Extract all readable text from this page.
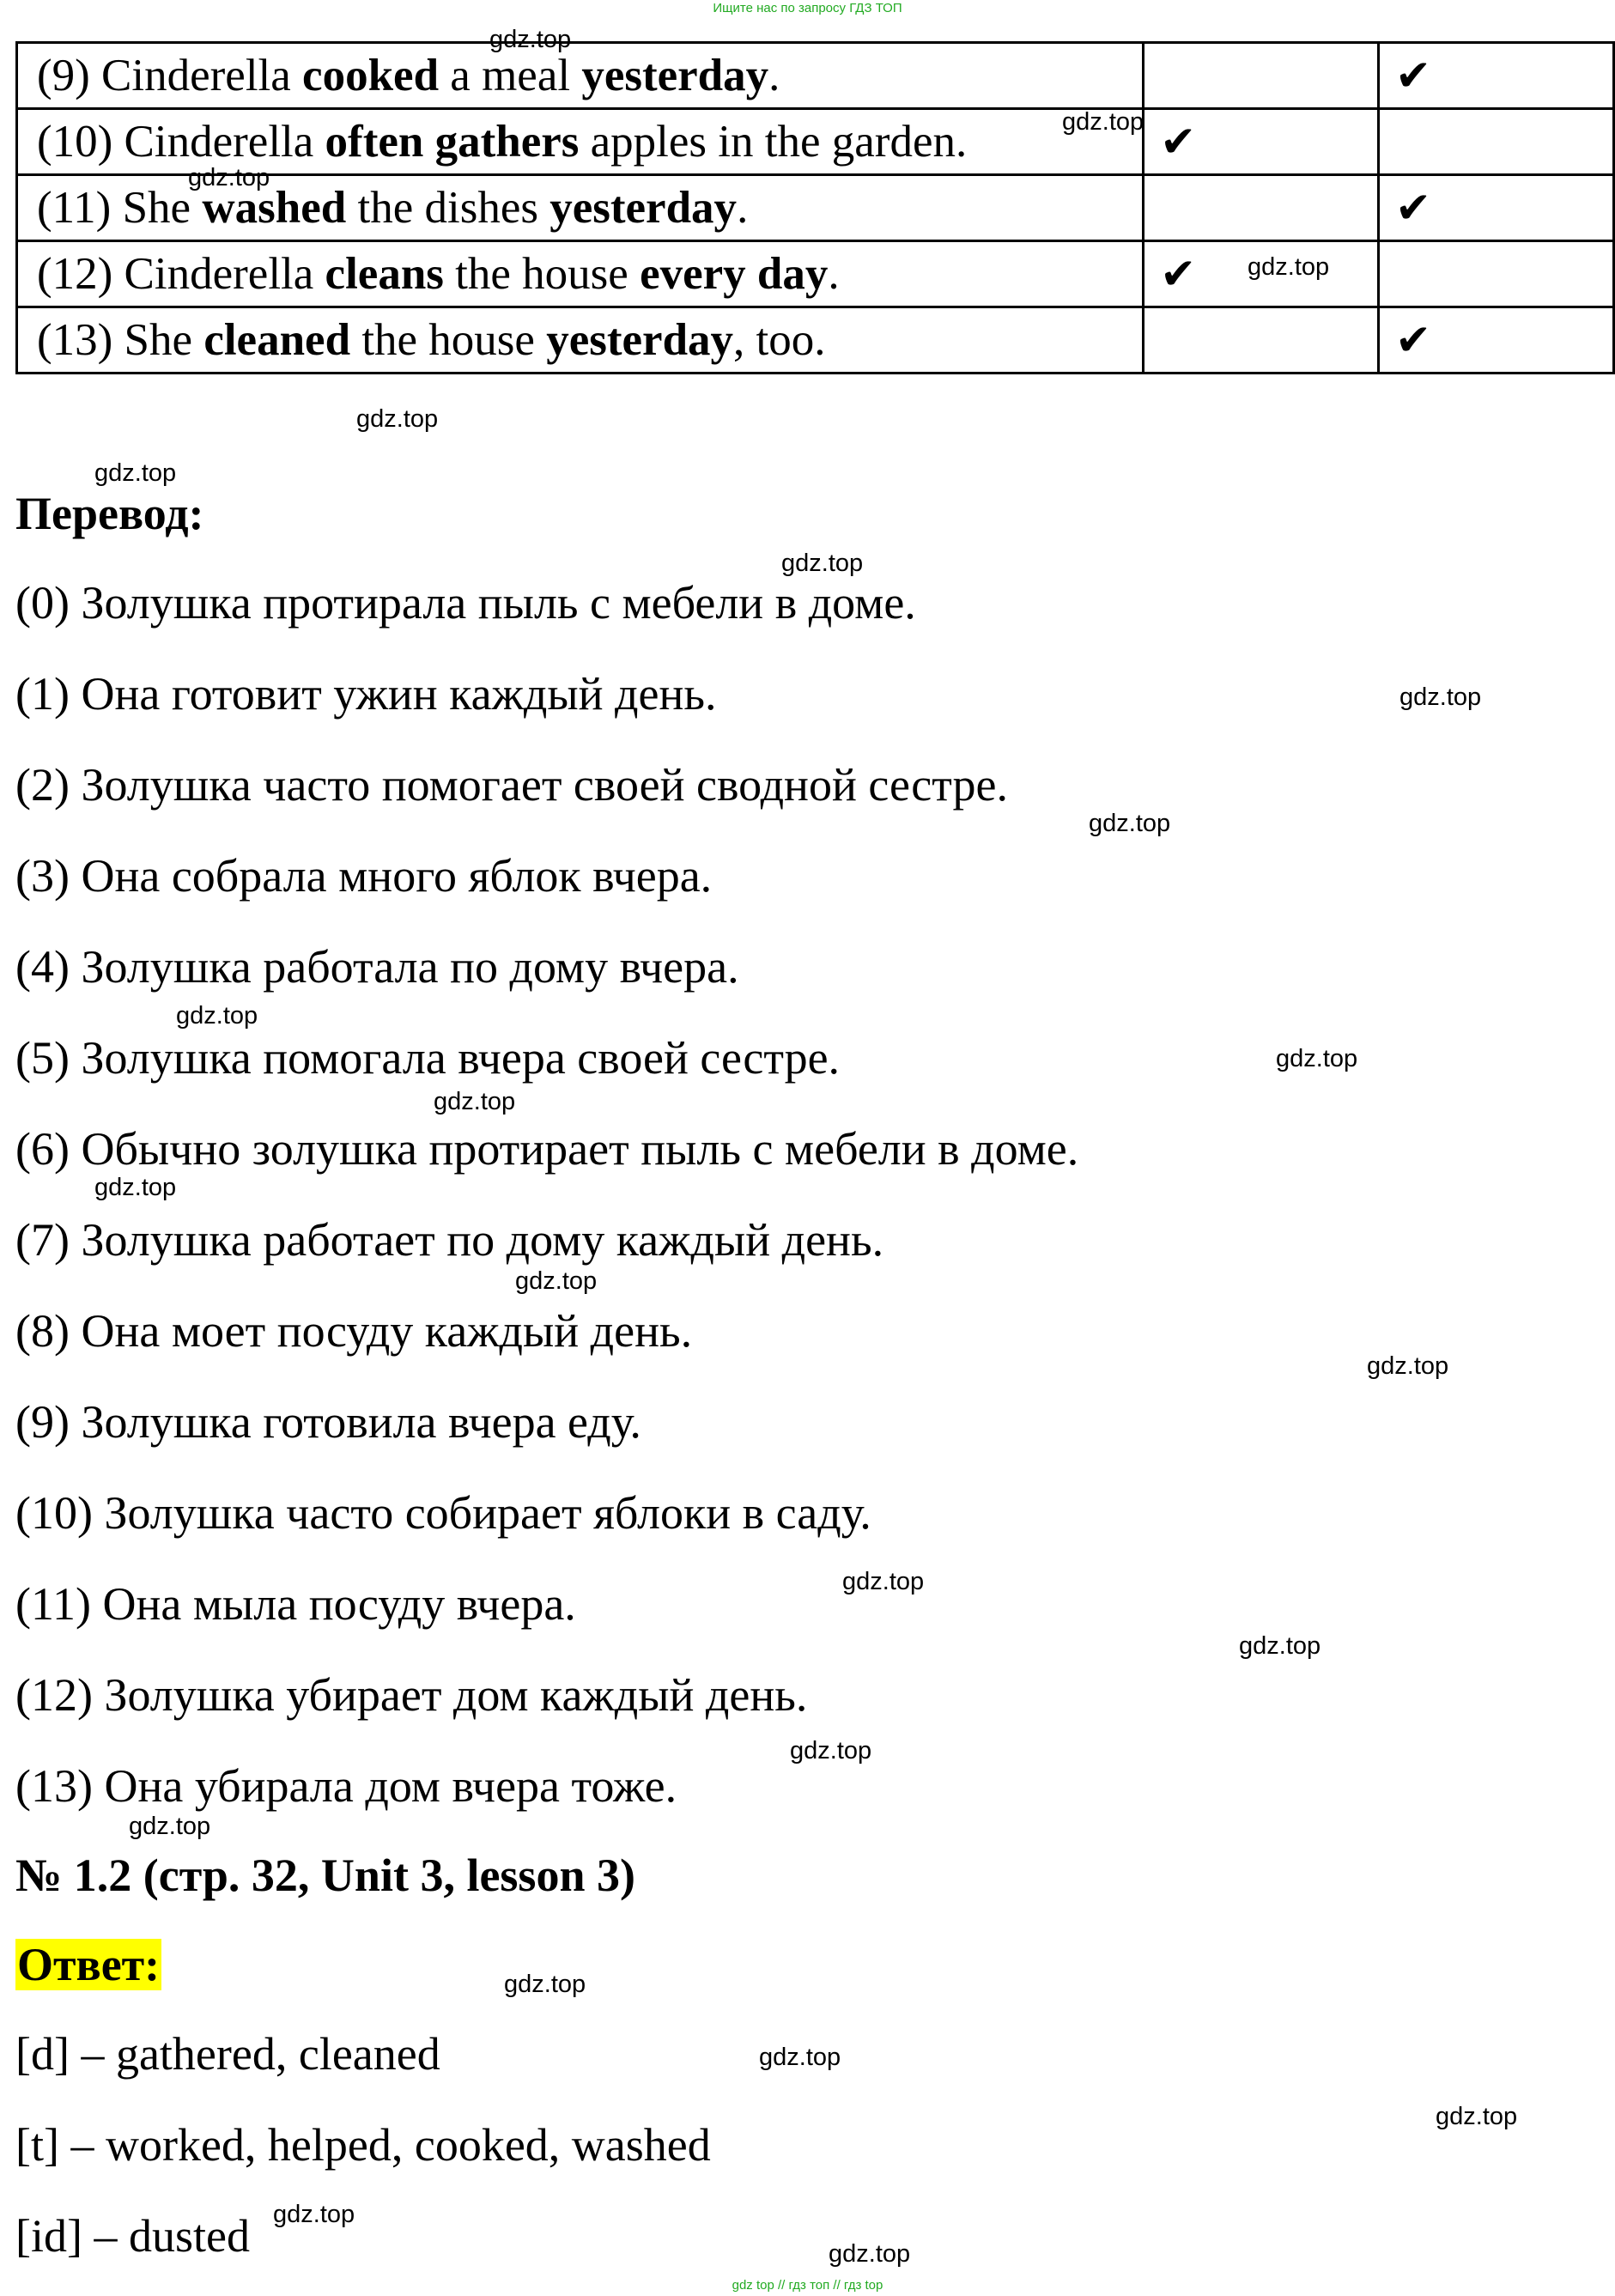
Ищите нас по запросу ГДЗ ТОП
(9) Cinderella cooked a meal yesterday.		✔
(10) Cinderella often gathers apples in the garden.	✔	
(11) She washed the dishes yesterday.		✔
(12) Cinderella cleans the house every day.	✔	
(13) She cleaned the house yesterday, too.		✔
Перевод:
(0) Золушка протирала пыль с мебели в доме.
(1) Она готовит ужин каждый день.
(2) Золушка часто помогает своей сводной сестре.
(3) Она собрала много яблок вчера.
(4) Золушка работала по дому вчера.
(5) Золушка помогала вчера своей сестре.
(6) Обычно золушка протирает пыль с мебели в доме.
(7) Золушка работает по дому каждый день.
(8) Она моет посуду каждый день.
(9) Золушка готовила вчера еду.
(10) Золушка часто собирает яблоки в саду.
(11) Она мыла посуду вчера.
(12) Золушка убирает дом каждый день.
(13) Она убирала дом вчера тоже.
№ 1.2 (стр. 32, Unit 3, lesson 3)
Ответ:
[d] – gathered, cleaned
[t] – worked, helped, cooked, washed
[id] – dusted
gdz.top
gdz.top
gdz.top
gdz.top
gdz.top
gdz.top
gdz.top
gdz.top
gdz.top
gdz.top
gdz.top
gdz.top
gdz.top
gdz.top
gdz.top
gdz.top
gdz.top
gdz.top
gdz.top
gdz.top
gdz.top
gdz.top
gdz.top
gdz.top
gdz top // гдз топ // гдз top
